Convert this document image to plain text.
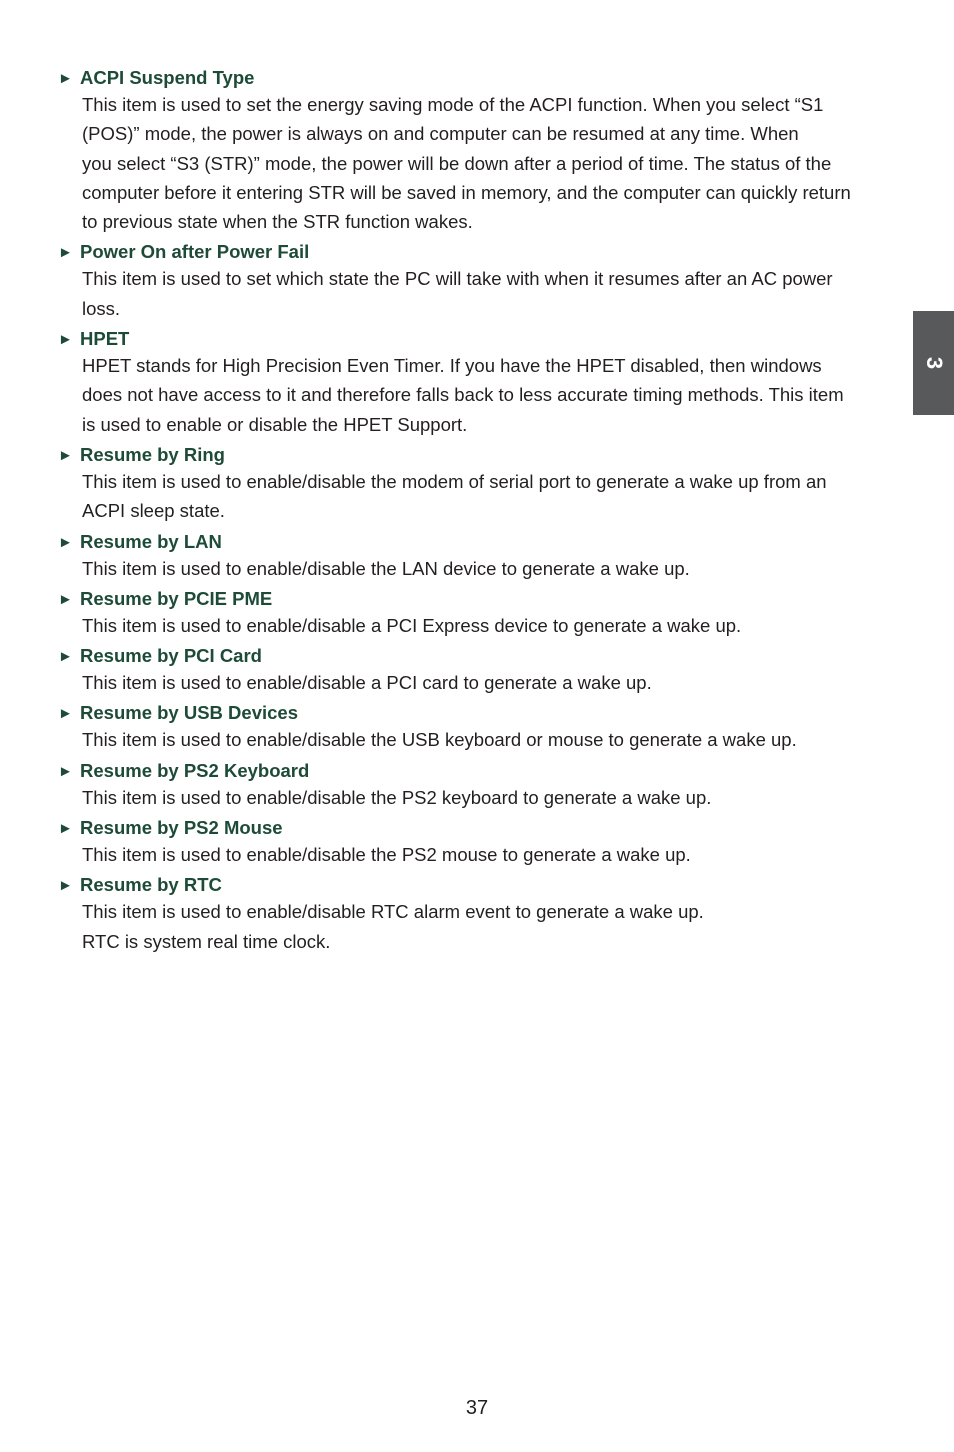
► ACPI Suspend Type
This item is used to set the energy saving mode of the ACPI function. When you select “S1
(POS)” mode, the power is always on and computer can be resumed at any time. When
you select “S3 (STR)” mode, the power will be down after a period of time. The status of the
computer before it entering STR will be saved in memory, and the computer can quickly return
to previous state when the STR function wakes.
► Power On after Power Fail
This item is used to set which state the PC will take with when it resumes after an AC power
loss.
► HPET
HPET stands for High Precision Even Timer. If you have the HPET disabled, then windows
does not have access to it and therefore falls back to less accurate timing methods. This item
is used to enable or disable the HPET Support.
► Resume by Ring
This item is used to enable/disable the modem of serial port to generate a wake up from an
ACPI sleep state.
► Resume by LAN
This item is used to enable/disable the LAN device to generate a wake up.
► Resume by PCIE PME
This item is used to enable/disable a PCI Express device to generate a wake up.
► Resume by PCI Card
This item is used to enable/disable a PCI card to generate a wake up.
► Resume by USB Devices
This item is used to enable/disable the USB keyboard or mouse to generate a wake up.
► Resume by PS2 Keyboard
This item is used to enable/disable the PS2 keyboard to generate a wake up.
► Resume by PS2 Mouse
This item is used to enable/disable the PS2 mouse to generate a wake up.
► Resume by RTC
This item is used to enable/disable RTC alarm event to generate a wake up.
RTC is system real time clock.
3
37
